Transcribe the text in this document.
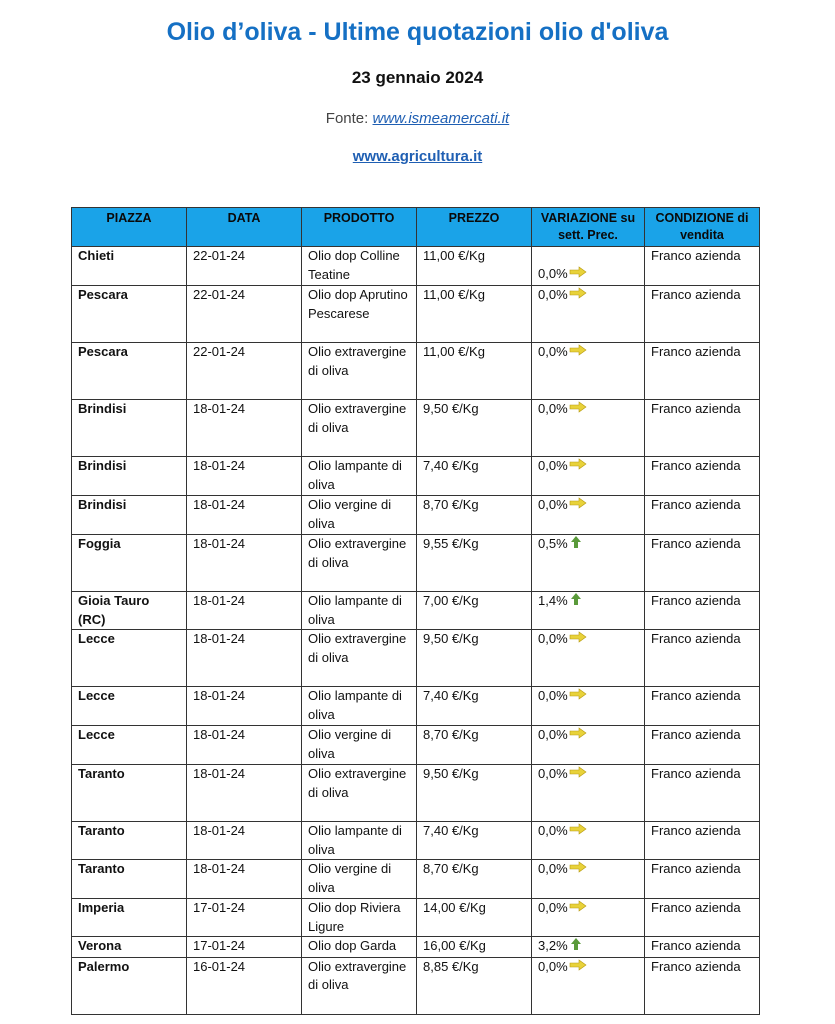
Olio d’oliva - Ultime quotazioni olio d'oliva
23 gennaio 2024
Fonte: www.ismeamercati.it
www.agricultura.it
PIAZZA	DATA	PRODOTTO	PREZZO	VARIAZIONE su sett. Prec.	CONDIZIONE di vendita
Chieti	22-01-24	Olio dop Colline Teatine	11,00 €/Kg	0,0%	Franco azienda
Pescara	22-01-24	Olio dop Aprutino Pescarese	11,00 €/Kg	0,0%	Franco azienda
Pescara	22-01-24	Olio extravergine di oliva	11,00 €/Kg	0,0%	Franco azienda
Brindisi	18-01-24	Olio extravergine di oliva	9,50 €/Kg	0,0%	Franco azienda
Brindisi	18-01-24	Olio lampante di oliva	7,40 €/Kg	0,0%	Franco azienda
Brindisi	18-01-24	Olio vergine di oliva	8,70 €/Kg	0,0%	Franco azienda
Foggia	18-01-24	Olio extravergine di oliva	9,55 €/Kg	0,5%	Franco azienda
Gioia Tauro (RC)	18-01-24	Olio lampante di oliva	7,00 €/Kg	1,4%	Franco azienda
Lecce	18-01-24	Olio extravergine di oliva	9,50 €/Kg	0,0%	Franco azienda
Lecce	18-01-24	Olio lampante di oliva	7,40 €/Kg	0,0%	Franco azienda
Lecce	18-01-24	Olio vergine di oliva	8,70 €/Kg	0,0%	Franco azienda
Taranto	18-01-24	Olio extravergine di oliva	9,50 €/Kg	0,0%	Franco azienda
Taranto	18-01-24	Olio lampante di oliva	7,40 €/Kg	0,0%	Franco azienda
Taranto	18-01-24	Olio vergine di oliva	8,70 €/Kg	0,0%	Franco azienda
Imperia	17-01-24	Olio dop Riviera Ligure	14,00 €/Kg	0,0%	Franco azienda
Verona	17-01-24	Olio dop Garda	16,00 €/Kg	3,2%	Franco azienda
Palermo	16-01-24	Olio extravergine di oliva	8,85 €/Kg	0,0%	Franco azienda
